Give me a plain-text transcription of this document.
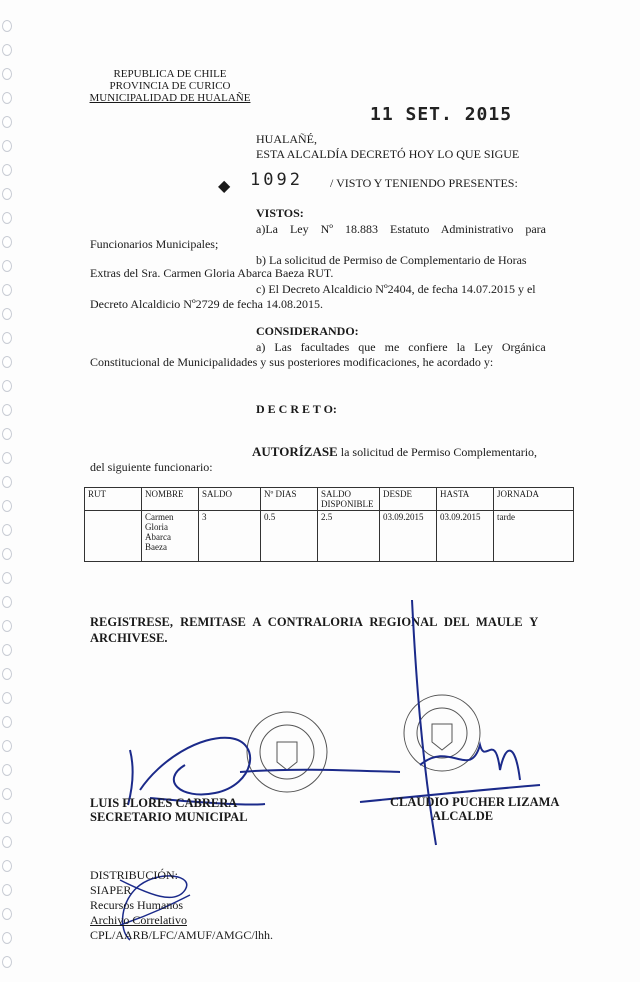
REPUBLICA DE CHILE
PROVINCIA DE CURICO
MUNICIPALIDAD DE HUALAÑE
11 SET. 2015
HUALAÑÉ,
ESTA ALCALDÍA DECRETÓ HOY LO QUE SIGUE
◆ 1092 / VISTO Y TENIENDO PRESENTES:
VISTOS:
a)La Ley Nº 18.883 Estatuto Administrativo para
Funcionarios Municipales;
b) La solicitud de Permiso de Complementario de Horas
Extras del Sra. Carmen Gloria Abarca Baeza RUT.
c) El Decreto Alcaldicio Nº2404, de fecha 14.07.2015 y el
Decreto Alcaldicio Nº2729 de fecha 14.08.2015.
CONSIDERANDO:
a) Las facultades que me confiere la Ley Orgánica
Constitucional de Municipalidades y sus posteriores modificaciones, he acordado y:
D E C R E T O:
AUTORÍZASE la solicitud de Permiso Complementario,
del siguiente funcionario:
RUT	NOMBRE	SALDO	Nº DIAS	SALDO DISPONIBLE	DESDE	HASTA	JORNADA
	Carmen Gloria Abarca Baeza	3	0.5	2.5	03.09.2015	03.09.2015	tarde
REGISTRESE, REMITASE A CONTRALORIA REGIONAL DEL MAULE Y
ARCHIVESE.
LUIS FLORES CABRERA
SECRETARIO MUNICIPAL
CLAUDIO PUCHER LIZAMA
ALCALDE
DISTRIBUCIÓN:
SIAPER
Recursos Humanos
Archivo Correlativo
CPL/AARB/LFC/AMUF/AMGC/lhh.
